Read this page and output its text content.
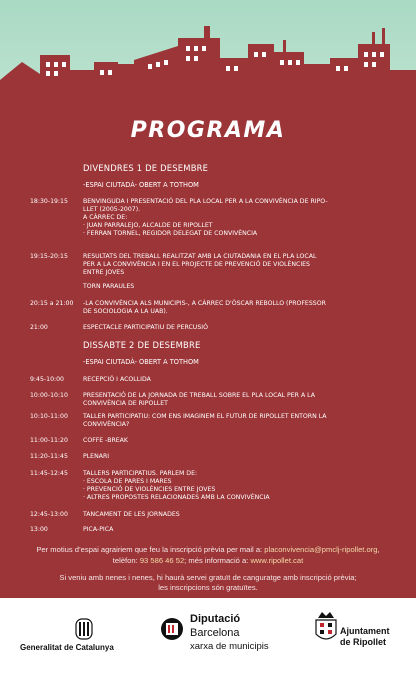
PROGRAMA
DIVENDRES 1 DE DESEMBRE
-ESPAI CIUTADÀ- OBERT A TOTHOM
18:30-19:15	BENVINGUDA I PRESENTACIÓ DEL PLA LOCAL PER A LA CONVIVÈNCIA DE RIPO-
LLET (2005-2007).
A CÀRREC DE:
· JUAN PARRALEJO, ALCALDE DE RIPOLLET
· FERRAN TORNEL, REGIDOR DELEGAT DE CONVIVÈNCIA
19:15-20:15	RESULTATS DEL TREBALL REALITZAT AMB LA CIUTADANIA EN EL PLA LOCAL
PER A LA CONVIVÈNCIA I EN EL PROJECTE DE PREVENCIÓ DE VIOLÈNCIES
ENTRE JOVES
TORN PARAULES
20:15 a 21:00	-LA CONVIVÈNCIA ALS MUNICIPIS-, A CÀRREC D'ÒSCAR REBOLLO (PROFESSOR
DE SOCIOLOGIA A LA UAB).
21:00	ESPECTACLE PARTICIPATIU DE PERCUSIÓ
DISSABTE 2 DE DESEMBRE
-ESPAI CIUTADÀ- OBERT A TOTHOM
9:45-10:00	RECEPCIÓ I ACOLLIDA
10:00-10:10	PRESENTACIÓ DE LA JORNADA DE TREBALL SOBRE EL PLA LOCAL PER A LA
CONVIVÈNCIA DE RIPOLLET
10:10-11:00	TALLER PARTICIPATIU: COM ENS IMAGINEM EL FUTUR DE RIPOLLET ENTORN LA
CONVIVÈNCIA?
11:00-11:20	COFFE -BREAK
11:20-11:45	PLENARI
11:45-12:45	TALLERS PARTICIPATIUS. PARLEM DE:
· ESCOLA DE PARES I MARES
· PREVENCIÓ DE VIOLÈNCIES ENTRE JOVES
· ALTRES PROPOSTES RELACIONADES AMB LA CONVIVÈNCIA
12:45-13:00	TANCAMENT DE LES JORNADES
13:00	PICA-PICA
Per motius d’espai agrairiem que feu la inscripció prèvia per mail a: placonvivencia@pmclj-ripollet.org,
telèfon: 93 586 46 52; més informació a: www.ripollet.cat
Si veniu amb nenes i nenes, hi haurà servei gratuït de canguratge amb inscripció prèvia;
les inscripcions són gratuïtes.
Generalitat de Catalunya
Diputació
Barcelona
xarxa de municipis
Ajuntament
de Ripollet
